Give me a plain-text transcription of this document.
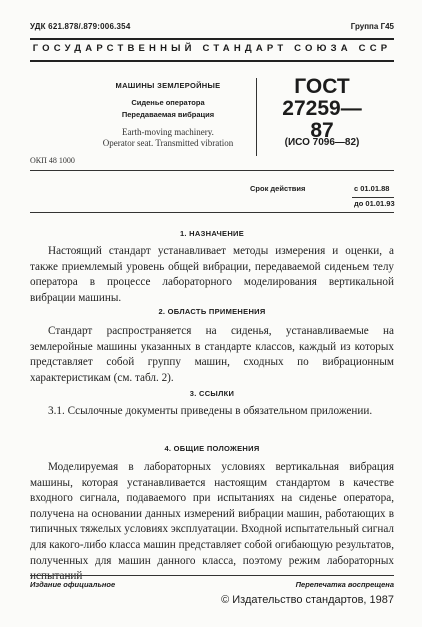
УДК 621.878/.879:006.354	Группа Г45
ГОСУДАРСТВЕННЫЙ СТАНДАРТ СОЮЗА ССР
МАШИНЫ ЗЕМЛЕРОЙНЫЕ
Сиденье оператора
Передаваемая вибрация
Earth-moving machinery.
Operator seat. Transmitted vibration
ГОСТ
27259—87
(ИСО 7096—82)
ОКП 48 1000
Срок действия	с 01.01.88
до 01.01.93
1. НАЗНАЧЕНИЕ
Настоящий стандарт устанавливает методы измерения и оценки, а также приемлемый уровень общей вибрации, передаваемой сиденьем телу оператора в процессе лабораторного моделирования вертикальной вибрации машины.
2. ОБЛАСТЬ ПРИМЕНЕНИЯ
Стандарт распространяется на сиденья, устанавливаемые на землеройные машины указанных в стандарте классов, каждый из которых представляет собой группу машин, сходных по вибрационным характеристикам (см. табл. 2).
3. ССЫЛКИ
3.1. Ссылочные документы приведены в обязательном приложении.
4. ОБЩИЕ ПОЛОЖЕНИЯ
Моделируемая в лабораторных условиях вертикальная вибрация машины, которая устанавливается настоящим стандартом в качестве входного сигнала, подаваемого при испытаниях на сиденье оператора, получена на основании данных измерений вибрации машин, работающих в типичных тяжелых условиях эксплуатации. Входной испытательный сигнал для какого-либо класса машин представляет собой огибающую результатов, полученных для машин данного класса, поэтому режим лабораторных испытаний
Издание официальное	Перепечатка воспрещена
© Издательство стандартов, 1987
